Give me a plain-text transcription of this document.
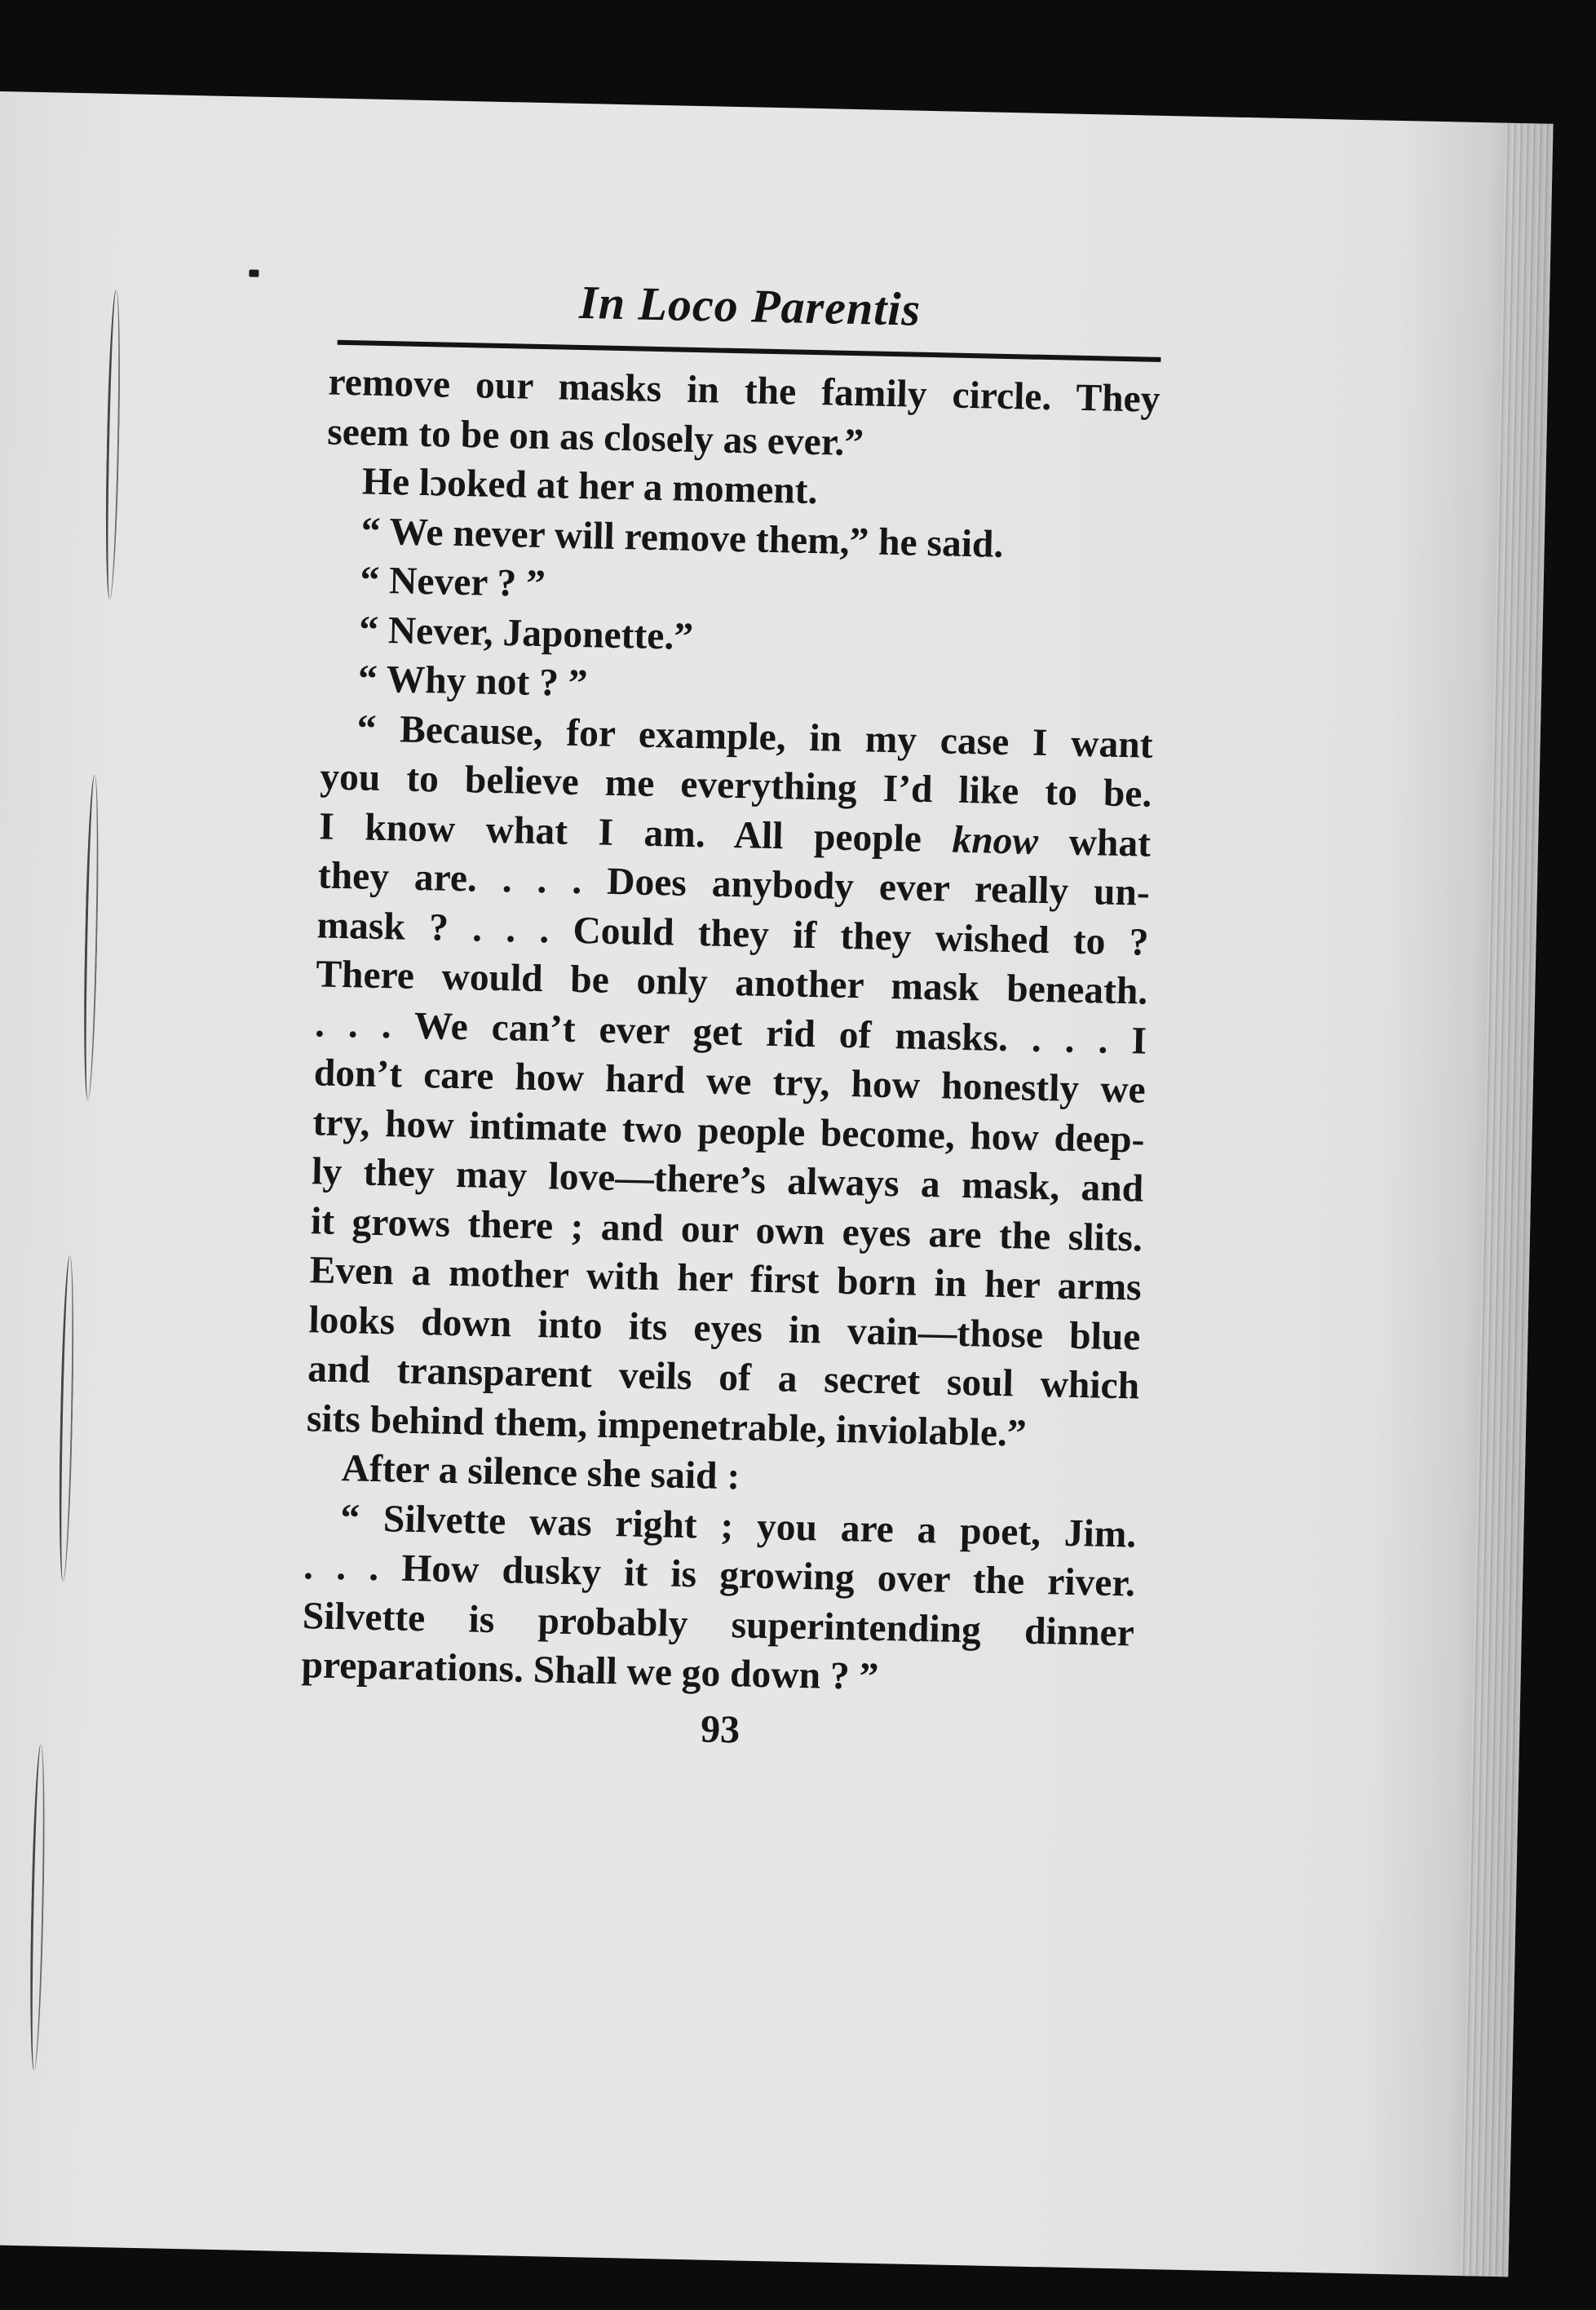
In Loco Parentis
remove our masks in the family circle. They
seem to be on as closely as ever.”
He lɔoked at her a moment.
“ We never will remove them,” he said.
“ Never ? ”
“ Never, Japonette.”
“ Why not ? ”
“ Because, for example, in my case I want
you to believe me everything I’d like to be.
I know what I am. All people know what
they are. . . . Does anybody ever really un-
mask ? . . . Could they if they wished to ?
There would be only another mask beneath.
. . . We can’t ever get rid of masks. . . . I
don’t care how hard we try, how honestly we
try, how intimate two people become, how deep-
ly they may love—there’s always a mask, and
it grows there ; and our own eyes are the slits.
Even a mother with her first born in her arms
looks down into its eyes in vain—those blue
and transparent veils of a secret soul which
sits behind them, impenetrable, inviolable.”
After a silence she said :
“ Silvette was right ; you are a poet, Jim.
. . . How dusky it is growing over the river.
Silvette is probably superintending dinner
preparations. Shall we go down ? ”
93
